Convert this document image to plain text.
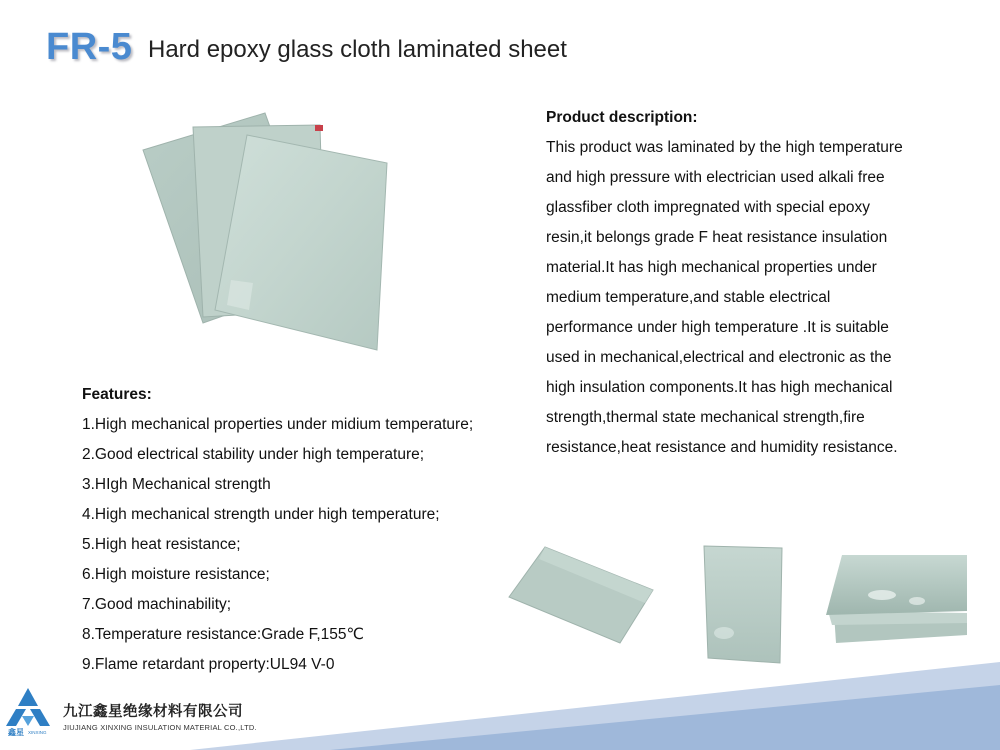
FR-5 Hard epoxy glass cloth laminated sheet
Product description:
This product was laminated by the high temperature and high pressure with electrician used alkali free glassfiber cloth impregnated with special epoxy resin,it belongs grade F heat resistance insulation material.It has high mechanical properties under medium temperature,and stable electrical performance under high temperature .It is suitable used in mechanical,electrical and electronic as the high insulation components.It has high mechanical strength,thermal state mechanical strength,fire resistance,heat resistance and humidity resistance.
Features:
1.High mechanical properties under midium temperature;
2.Good electrical stability under high temperature;
3.HIgh Mechanical strength
4.High mechanical strength under high temperature;
5.High heat resistance;
6.High moisture resistance;
7.Good machinability;
8.Temperature resistance:Grade F,155℃
9.Flame retardant property:UL94 V-0
鑫星 XINXING
九江鑫星绝缘材料有限公司
JIUJIANG XINXING INSULATION MATERIAL CO.,LTD.
